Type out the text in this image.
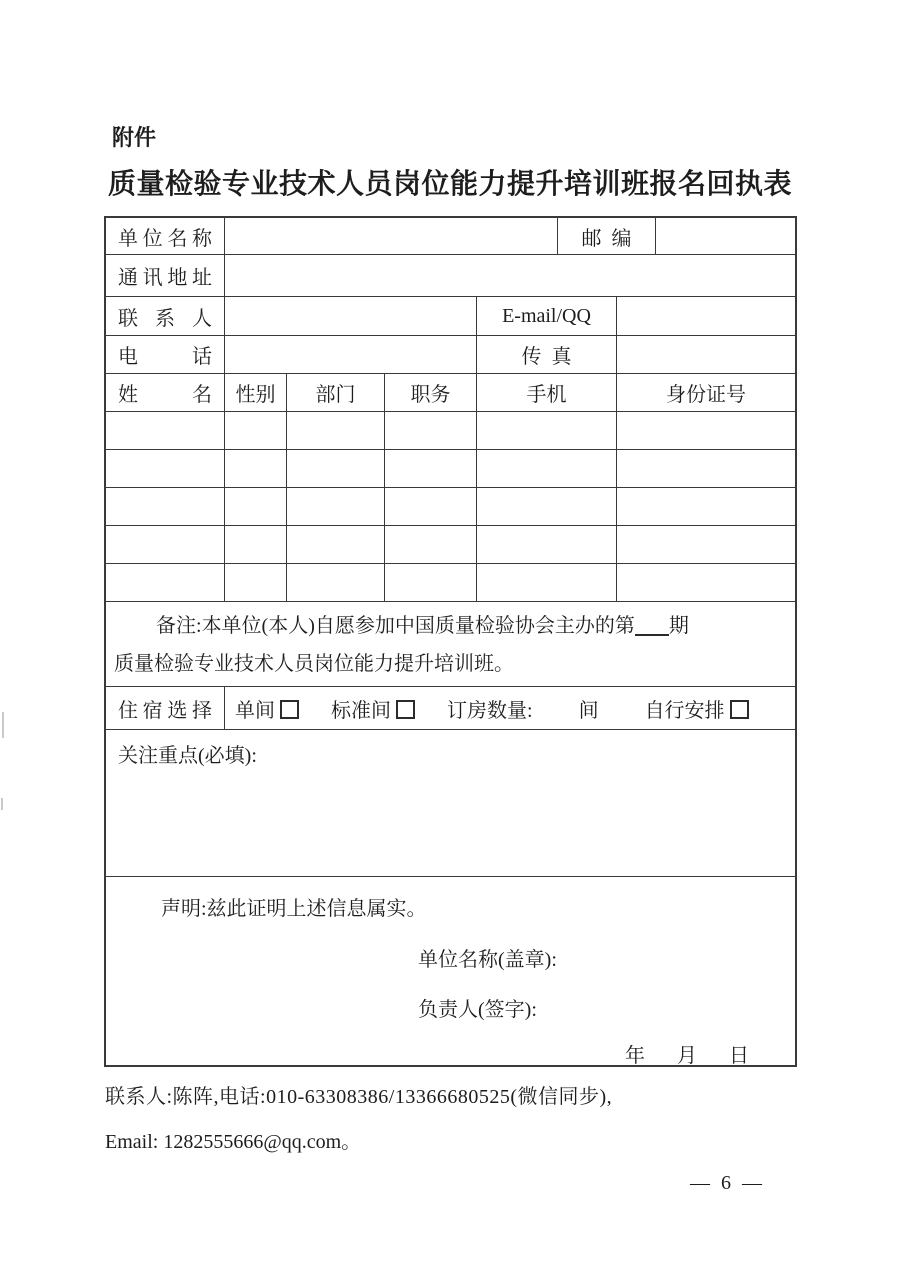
附件
质量检验专业技术人员岗位能力提升培训班报名回执表
单位名称	邮  编
通讯地址
联系人	E-mail/QQ
电话	传  真
姓名 性别 部门	职务	手机	身份证号
备注:本单位(本人)自愿参加中国质量检验协会主办的第 期
质量检验专业技术人员岗位能力提升培训班。
住宿选择 单间	标准间	订房数量: 间 自行安排
关注重点(必填):
声明:兹此证明上述信息属实。
单位名称(盖章):
负责人(签字):
年 月 日
联系人:陈阵,电话:010-63308386/13366680525(微信同步),
Email: 1282555666@qq.com。
— 6 —
